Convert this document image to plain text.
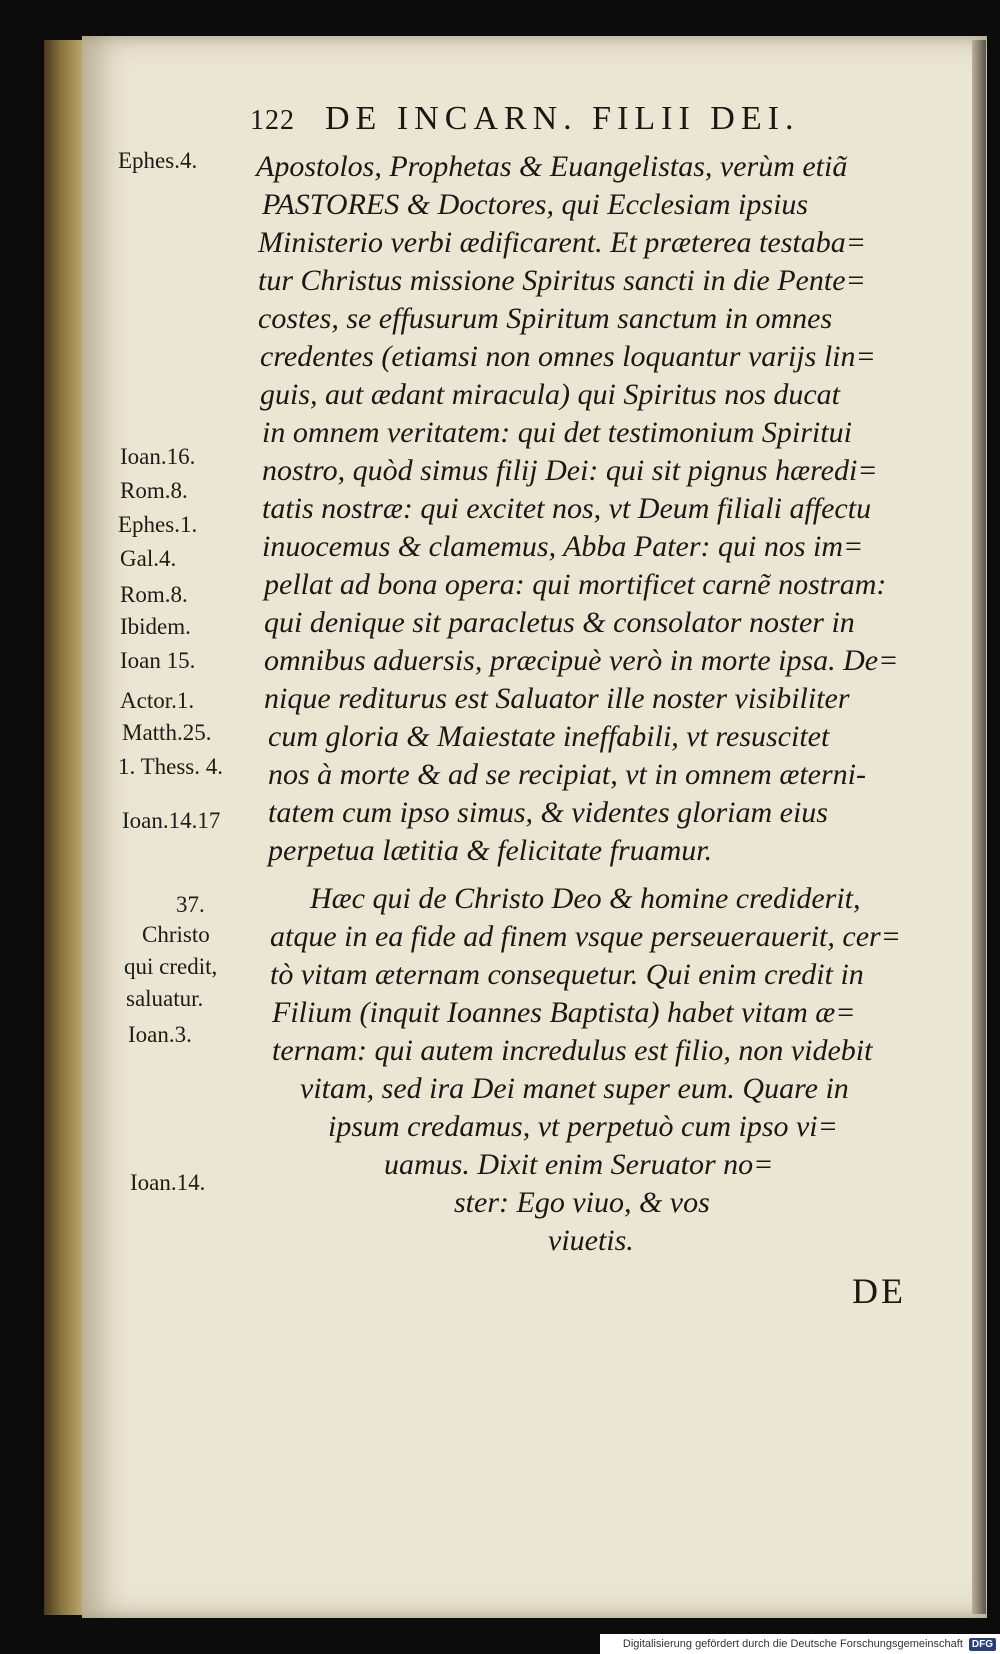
122 DE INCARN. FILII DEI.
Ephes.4.
Ioan.16.
Rom.8.
Ephes.1.
Gal.4.
Rom.8.
Ibidem.
Ioan 15.
Actor.1.
Matth.25.
1. Thess. 4.
Ioan.14.17
37.
Christo
qui credit,
saluatur.
Ioan.3.
Ioan.14.
Apostolos, Prophetas & Euangelistas, verùm etiã
PASTORES & Doctores, qui Ecclesiam ipsius
Ministerio verbi ædificarent. Et præterea testaba=
tur Christus missione Spiritus sancti in die Pente=
costes, se effusurum Spiritum sanctum in omnes
credentes (etiamsi non omnes loquantur varijs lin=
guis, aut ædant miracula) qui Spiritus nos ducat
in omnem veritatem: qui det testimonium Spiritui
nostro, quòd simus filij Dei: qui sit pignus hæredi=
tatis nostræ: qui excitet nos, vt Deum filiali affectu
inuocemus & clamemus, Abba Pater: qui nos im=
pellat ad bona opera: qui mortificet carnẽ nostram:
qui denique sit paracletus & consolator noster in
omnibus aduersis, præcipuè verò in morte ipsa. De=
nique rediturus est Saluator ille noster visibiliter
cum gloria & Maiestate ineffabili, vt resuscitet
nos à morte & ad se recipiat, vt in omnem æterni-
tatem cum ipso simus, & videntes gloriam eius
perpetua lætitia & felicitate fruamur.
Hæc qui de Christo Deo & homine crediderit,
atque in ea fide ad finem vsque perseuerauerit, cer=
tò vitam æternam consequetur. Qui enim credit in
Filium (inquit Ioannes Baptista) habet vitam æ=
ternam: qui autem incredulus est filio, non videbit
vitam, sed ira Dei manet super eum. Quare in
ipsum credamus, vt perpetuò cum ipso vi=
uamus. Dixit enim Seruator no=
ster: Ego viuo, & vos
viuetis.
DE
Digitalisierung gefördert durch die Deutsche Forschungsgemeinschaft DFG
